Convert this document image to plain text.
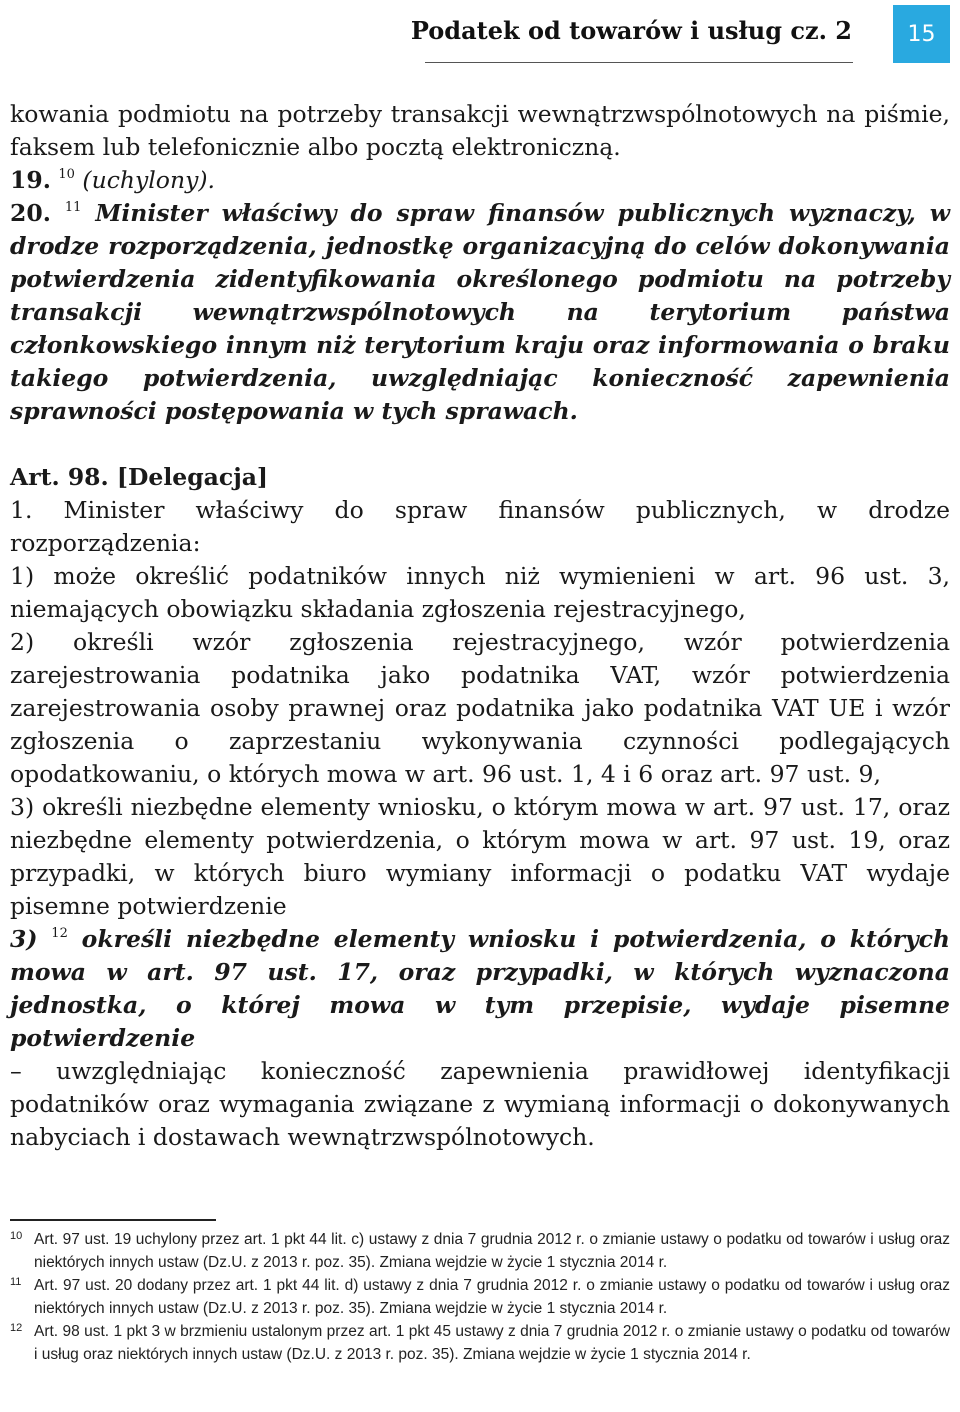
Podatek od towarów i usług cz. 2	15

kowania podmiotu na potrzeby transakcji wewnątrzwspólnotowych na piśmie, faksem lub telefonicznie albo pocztą elektroniczną.

19. $^{10}$ (uchylony).

20. $^{11}$ Minister właściwy do spraw finansów publicznych wyznaczy, w drodze rozporządzenia, jednostkę organizacyjną do celów dokonywania potwierdzenia zidentyfikowania określonego podmiotu na potrzeby transakcji wewnątrzwspólnotowych na terytorium państwa członkowskiego innym niż terytorium kraju oraz informowania o braku takiego potwierdzenia, uwzględniając konieczność zapewnienia sprawności postępowania w tych sprawach.

Art. 98. [Delegacja]

1. Minister właściwy do spraw finansów publicznych, w drodze rozporządzenia:

1) może określić podatników innych niż wymienieni w art. 96 ust. 3, niemających obowiązku składania zgłoszenia rejestracyjnego,

2) określi wzór zgłoszenia rejestracyjnego, wzór potwierdzenia zarejestrowania podatnika jako podatnika VAT, wzór potwierdzenia zarejestrowania osoby prawnej oraz podatnika jako podatnika VAT UE i wzór zgłoszenia o zaprzestaniu wykonywania czynności podlegających opodatkowaniu, o których mowa w art. 96 ust. 1, 4 i 6 oraz art. 97 ust. 9,

3) określi niezbędne elementy wniosku, o którym mowa w art. 97 ust. 17, oraz niezbędne elementy potwierdzenia, o którym mowa w art. 97 ust. 19, oraz przypadki, w których biuro wymiany informacji o podatku VAT wydaje pisemne potwierdzenie

3) $^{12}$ określi niezbędne elementy wniosku i potwierdzenia, o których mowa w art. 97 ust. 17, oraz przypadki, w których wyznaczona jednostka, o której mowa w tym przepisie, wydaje pisemne potwierdzenie

– uwzględniając konieczność zapewnienia prawidłowej identyfikacji podatników oraz wymagania związane z wymianą informacji o dokonywanych nabyciach i dostawach wewnątrzwspólnotowych.

10 Art. 97 ust. 19 uchylony przez art. 1 pkt 44 lit. c) ustawy z dnia 7 grudnia 2012 r. o zmianie ustawy o podatku od towarów i usług oraz niektórych innych ustaw (Dz.U. z 2013 r. poz. 35). Zmiana wejdzie w życie 1 stycznia 2014 r.

11 Art. 97 ust. 20 dodany przez art. 1 pkt 44 lit. d) ustawy z dnia 7 grudnia 2012 r. o zmianie ustawy o podatku od towarów i usług oraz niektórych innych ustaw (Dz.U. z 2013 r. poz. 35). Zmiana wejdzie w życie 1 stycznia 2014 r.

12 Art. 98 ust. 1 pkt 3 w brzmieniu ustalonym przez art. 1 pkt 45 ustawy z dnia 7 grudnia 2012 r. o zmianie ustawy o podatku od towarów i usług oraz niektórych innych ustaw (Dz.U. z 2013 r. poz. 35). Zmiana wejdzie w życie 1 stycznia 2014 r.
